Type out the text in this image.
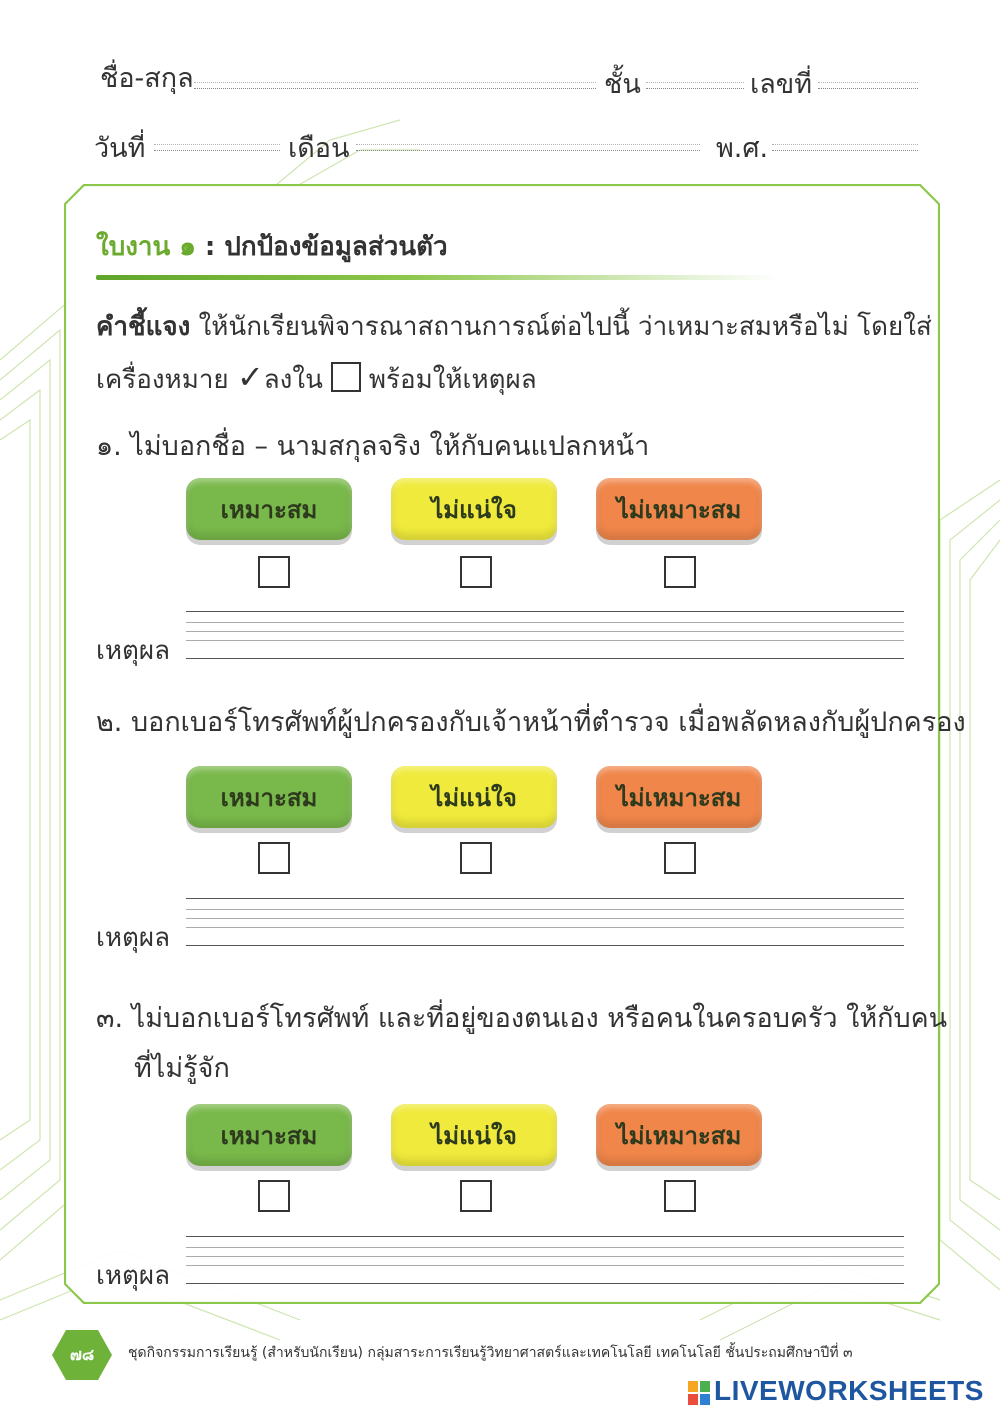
ชื่อ-สกุล	ชั้น	เลขที่
วันที่	เดือน	พ.ศ.
ใบงาน ๑ : ปกป้องข้อมูลส่วนตัว
คำชี้แจง ให้นักเรียนพิจารณาสถานการณ์ต่อไปนี้ ว่าเหมาะสมหรือไม่ โดยใส่
เครื่องหมาย ✓ลงใน พร้อมให้เหตุผล
๑. ไม่บอกชื่อ – นามสกุลจริง ให้กับคนแปลกหน้า
เหมาะสม	ไม่แน่ใจ	ไม่เหมาะสม
เหตุผล
๒. บอกเบอร์โทรศัพท์ผู้ปกครองกับเจ้าหน้าที่ตำรวจ เมื่อพลัดหลงกับผู้ปกครอง
เหมาะสม	ไม่แน่ใจ	ไม่เหมาะสม
เหตุผล
๓. ไม่บอกเบอร์โทรศัพท์ และที่อยู่ของตนเอง หรือคนในครอบครัว ให้กับคน
ที่ไม่รู้จัก
เหมาะสม	ไม่แน่ใจ	ไม่เหมาะสม
เหตุผล
๗๘	ชุดกิจกรรมการเรียนรู้ (สำหรับนักเรียน) กลุ่มสาระการเรียนรู้วิทยาศาสตร์และเทคโนโลยี เทคโนโลยี ชั้นประถมศึกษาปีที่ ๓
LIVEWORKSHEETS
